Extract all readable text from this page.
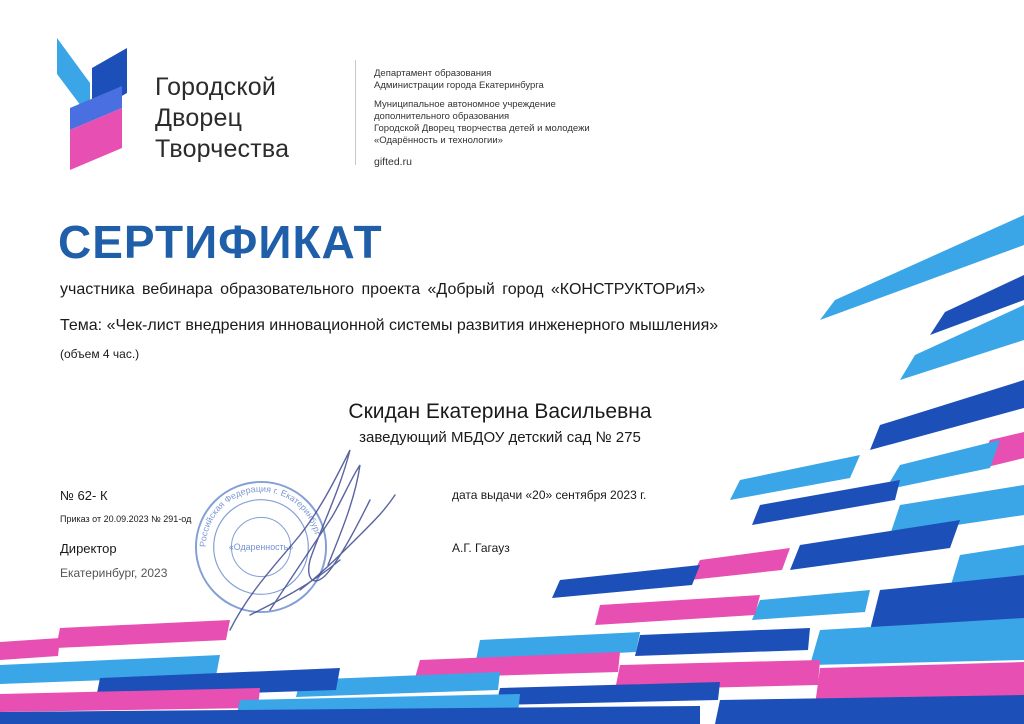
Городской
Дворец
Творчества
Департамент образования
Администрации города Екатеринбурга
Муниципальное автономное учреждение
дополнительного образования
Городской Дворец творчества детей и молодежи
«Одарённость и технологии»
gifted.ru
СЕРТИФИКАТ
участника вебинара образовательного проекта «Добрый город «КОНСТРУКТОРиЯ»
Тема: «Чек-лист внедрения инновационной системы развития инженерного мышления»
(объем 4 час.)
Скидан Екатерина Васильевна
заведующий МБДОУ детский сад № 275
№ 62- К	дата выдачи «20» сентября 2023 г.
Приказ от 20.09.2023 № 291-од
Директор	А.Г. Гагауз
Екатеринбург, 2023
Российская Федерация г. Екатеринбург
«Одаренность»
